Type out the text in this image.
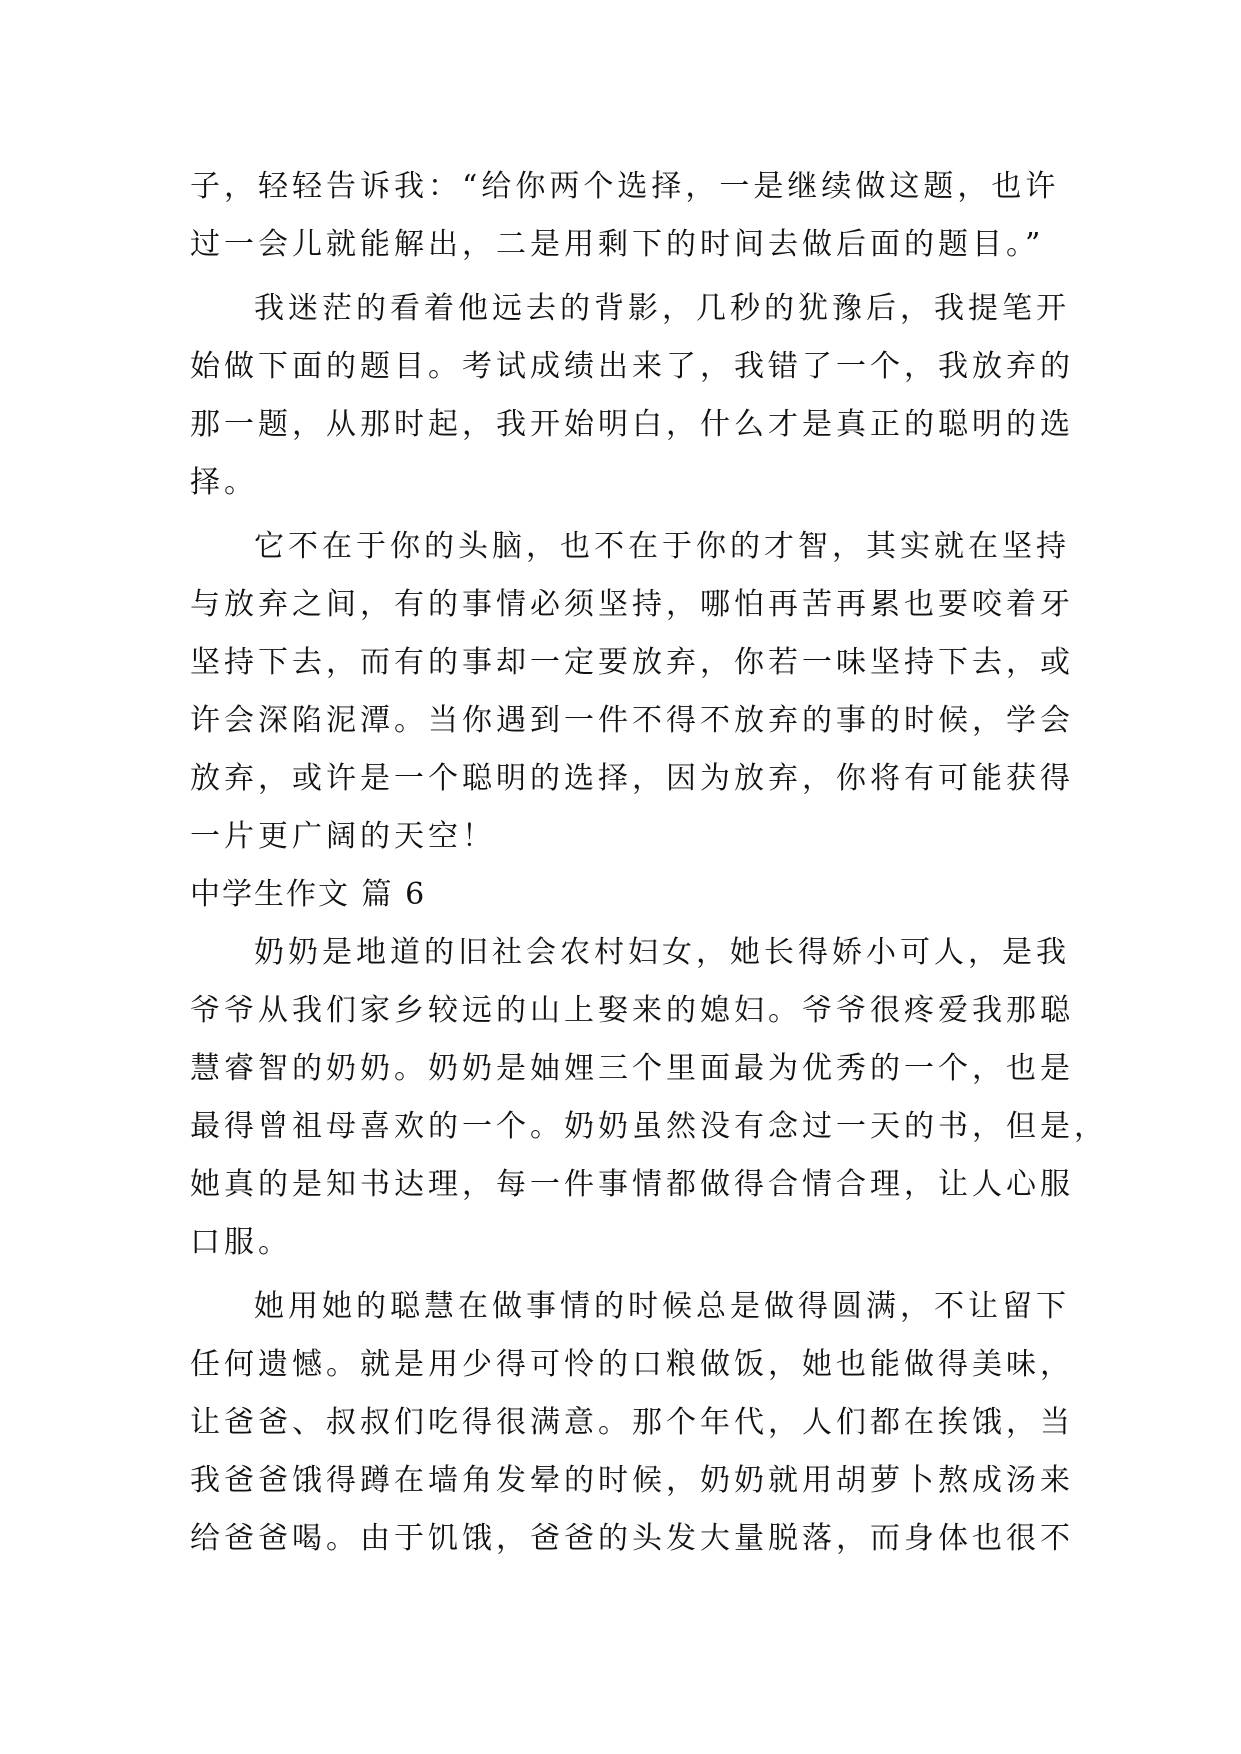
子，轻轻告诉我：“给你两个选择，一是继续做这题，也许
过一会儿就能解出，二是用剩下的时间去做后面的题目。”
我迷茫的看着他远去的背影，几秒的犹豫后，我提笔开
始做下面的题目。考试成绩出来了，我错了一个，我放弃的
那一题，从那时起，我开始明白，什么才是真正的聪明的选
择。
它不在于你的头脑，也不在于你的才智，其实就在坚持
与放弃之间，有的事情必须坚持，哪怕再苦再累也要咬着牙
坚持下去，而有的事却一定要放弃，你若一味坚持下去，或
许会深陷泥潭。当你遇到一件不得不放弃的事的时候，学会
放弃，或许是一个聪明的选择，因为放弃，你将有可能获得
一片更广阔的天空！
中学生作文 篇 6
奶奶是地道的旧社会农村妇女，她长得娇小可人，是我
爷爷从我们家乡较远的山上娶来的媳妇。爷爷很疼爱我那聪
慧睿智的奶奶。奶奶是妯娌三个里面最为优秀的一个，也是
最得曾祖母喜欢的一个。奶奶虽然没有念过一天的书，但是，
她真的是知书达理，每一件事情都做得合情合理，让人心服
口服。
她用她的聪慧在做事情的时候总是做得圆满，不让留下
任何遗憾。就是用少得可怜的口粮做饭，她也能做得美味，
让爸爸、叔叔们吃得很满意。那个年代，人们都在挨饿，当
我爸爸饿得蹲在墙角发晕的时候，奶奶就用胡萝卜熬成汤来
给爸爸喝。由于饥饿，爸爸的头发大量脱落，而身体也很不
